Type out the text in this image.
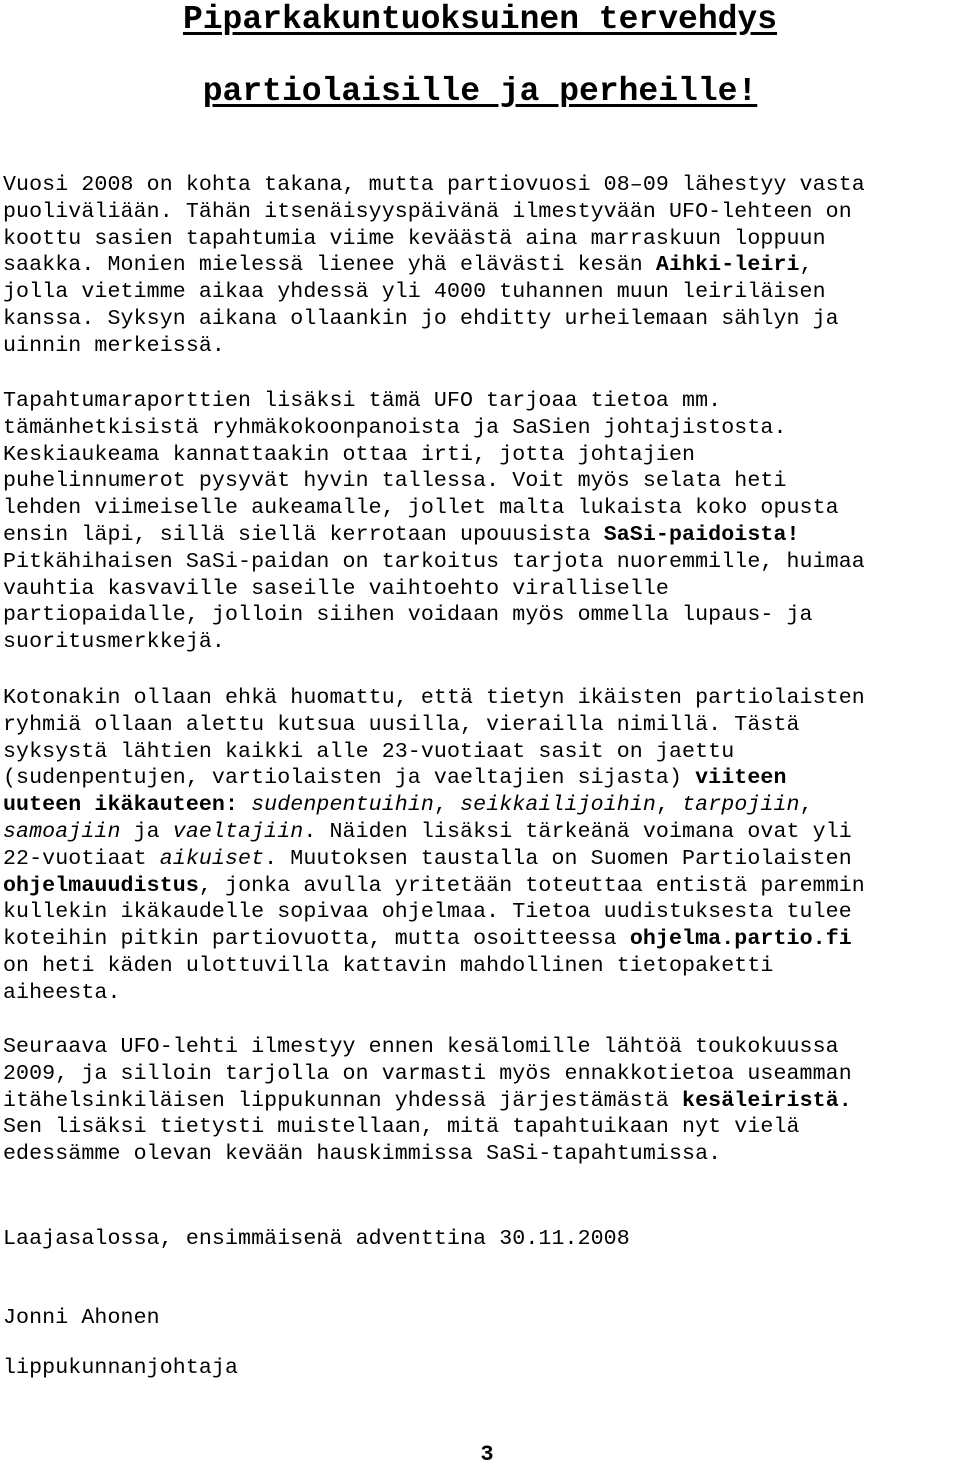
Piparkakuntuoksuinen tervehdys
partiolaisille ja perheille!

Vuosi 2008 on kohta takana, mutta partiovuosi 08–09 lähestyy vasta
puoliväliään. Tähän itsenäisyyspäivänä ilmestyvään UFO-lehteen on
koottu sasien tapahtumia viime keväästä aina marraskuun loppuun
saakka. Monien mielessä lienee yhä elävästi kesän Aihki-leiri,
jolla vietimme aikaa yhdessä yli 4000 tuhannen muun leiriläisen
kanssa. Syksyn aikana ollaankin jo ehditty urheilemaan sählyn ja
uinnin merkeissä.

Tapahtumaraporttien lisäksi tämä UFO tarjoaa tietoa mm.
tämänhetkisistä ryhmäkokoonpanoista ja SaSien johtajistosta.
Keskiaukeama kannattaakin ottaa irti, jotta johtajien
puhelinnumerot pysyvät hyvin tallessa. Voit myös selata heti
lehden viimeiselle aukeamalle, jollet malta lukaista koko opusta
ensin läpi, sillä siellä kerrotaan upouusista SaSi-paidoista!
Pitkähihaisen SaSi-paidan on tarkoitus tarjota nuoremmille, huimaa
vauhtia kasvaville saseille vaihtoehto viralliselle
partiopaidalle, jolloin siihen voidaan myös ommella lupaus- ja
suoritusmerkkejä.

Kotonakin ollaan ehkä huomattu, että tietyn ikäisten partiolaisten
ryhmiä ollaan alettu kutsua uusilla, vierailla nimillä. Tästä
syksystä lähtien kaikki alle 23-vuotiaat sasit on jaettu
(sudenpentujen, vartiolaisten ja vaeltajien sijasta) viiteen
uuteen ikäkauteen: sudenpentuihin, seikkailijoihin, tarpojiin,
samoajiin ja vaeltajiin. Näiden lisäksi tärkeänä voimana ovat yli
22-vuotiaat aikuiset. Muutoksen taustalla on Suomen Partiolaisten
ohjelmauudistus, jonka avulla yritetään toteuttaa entistä paremmin
kullekin ikäkaudelle sopivaa ohjelmaa. Tietoa uudistuksesta tulee
koteihin pitkin partiovuotta, mutta osoitteessa ohjelma.partio.fi
on heti käden ulottuvilla kattavin mahdollinen tietopaketti
aiheesta.

Seuraava UFO-lehti ilmestyy ennen kesälomille lähtöä toukokuussa
2009, ja silloin tarjolla on varmasti myös ennakkotietoa useamman
itähelsinkiläisen lippukunnan yhdessä järjestämästä kesäleiristä.
Sen lisäksi tietysti muistellaan, mitä tapahtuikaan nyt vielä
edessämme olevan kevään hauskimmissa SaSi-tapahtumissa.

Laajasalossa, ensimmäisenä adventtina 30.11.2008

Jonni Ahonen

lippukunnanjohtaja

3
